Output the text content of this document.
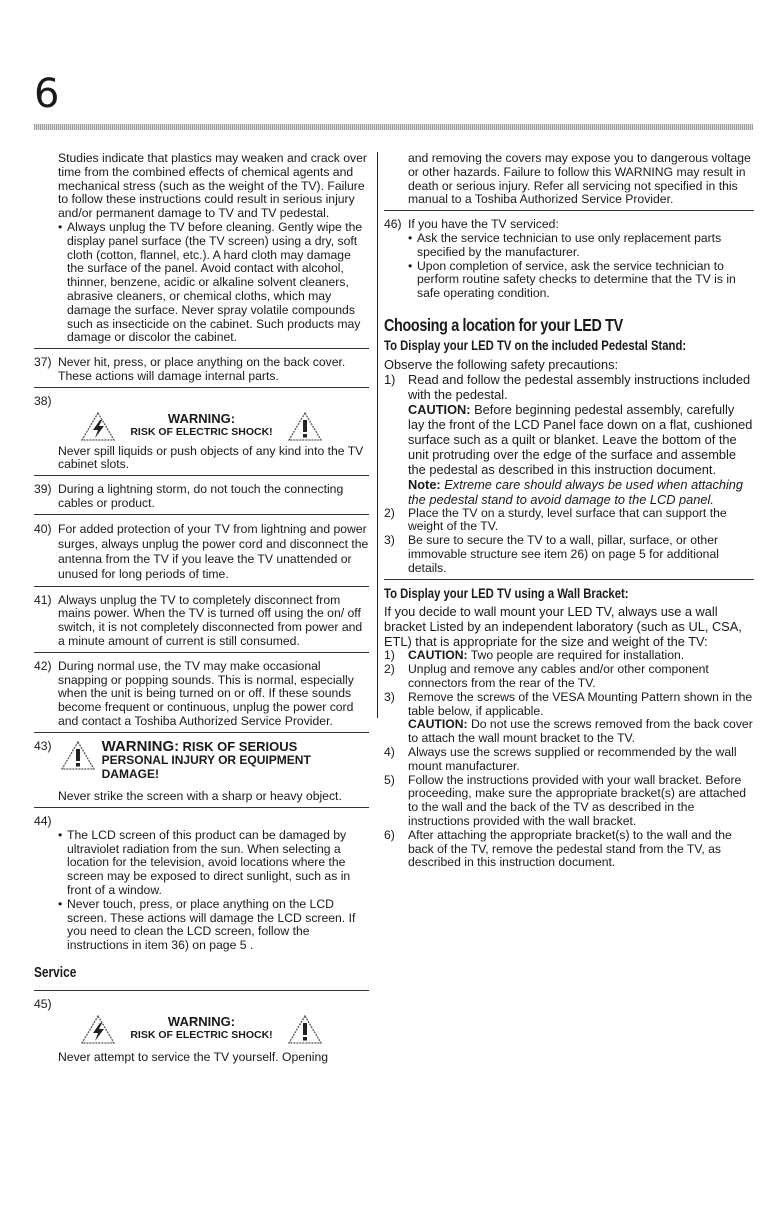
6

Studies indicate that plastics may weaken and crack over time from the combined effects of chemical agents and mechanical stress (such as the weight of the TV). Failure to follow these instructions could result in serious injury and/or permanent damage to TV and TV pedestal.

• Always unplug the TV before cleaning. Gently wipe the display panel surface (the TV screen) using a dry, soft cloth (cotton, flannel, etc.). A hard cloth may damage the surface of the panel. Avoid contact with alcohol, thinner, benzene, acidic or alkaline solvent cleaners, abrasive cleaners, or chemical cloths, which may damage the surface. Never spray volatile compounds such as insecticide on the cabinet. Such products may damage or discolor the cabinet.

37) Never hit, press, or place anything on the back cover. These actions will damage internal parts.
38)
WARNING:
RISK OF ELECTRIC SHOCK!

Never spill liquids or push objects of any kind into the TV cabinet slots.

39) During a lightning storm, do not touch the connecting cables or product.
40) For added protection of your TV from lightning and power surges, always unplug the power cord and disconnect the antenna from the TV if you leave the TV unattended or unused for long periods of time.
41) Always unplug the TV to completely disconnect from mains power. When the TV is turned off using the on/ off switch, it is not completely disconnected from power and a minute amount of current is still consumed.
42) During normal use, the TV may make occasional snapping or popping sounds. This is normal, especially when the unit is being turned on or off. If these sounds become frequent or continuous, unplug the power cord and contact a Toshiba Authorized Service Provider.
43)	WARNING: RISK OF SERIOUS
PERSONAL INJURY OR EQUIPMENT
DAMAGE!

Never strike the screen with a sharp or heavy object.

44)

• The LCD screen of this product can be damaged by ultraviolet radiation from the sun. When selecting a location for the television, avoid locations where the screen may be exposed to direct sunlight, such as in front of a window.

• Never touch, press, or place anything on the LCD screen. These actions will damage the LCD screen. If you need to clean the LCD screen, follow the instructions in item 36) on page 5 .

Service
45)
WARNING:
RISK OF ELECTRIC SHOCK!

Never attempt to service the TV yourself. Opening

and removing the covers may expose you to dangerous voltage or other hazards. Failure to follow this WARNING may result in death or serious injury. Refer all servicing not specified in this manual to a Toshiba Authorized Service Provider.

46) If you have the TV serviced:

• Ask the service technician to use only replacement parts specified by the manufacturer.

• Upon completion of service, ask the service technician to perform routine safety checks to determine that the TV is in safe operating condition.

Choosing a location for your LED TV
To Display your LED TV on the included Pedestal Stand:

Observe the following safety precautions:

1) Read and follow the pedestal assembly instructions included with the pedestal.

CAUTION: Before beginning pedestal assembly, carefully lay the front of the LCD Panel face down on a flat, cushioned surface such as a quilt or blanket. Leave the bottom of the unit protruding over the edge of the surface and assemble the pedestal as described in this instruction document.

Note: Extreme care should always be used when attaching the pedestal stand to avoid damage to the LCD panel.

2) Place the TV on a sturdy, level surface that can support the weight of the TV.
3) Be sure to secure the TV to a wall, pillar, surface, or other immovable structure see item 26) on page 5 for additional details.
To Display your LED TV using a Wall Bracket:

If you decide to wall mount your LED TV, always use a wall bracket Listed by an independent laboratory (such as UL, CSA, ETL) that is appropriate for the size and weight of the TV:

1) CAUTION: Two people are required for installation.
2) Unplug and remove any cables and/or other component connectors from the rear of the TV.
3) Remove the screws of the VESA Mounting Pattern shown in the table below, if applicable.

CAUTION: Do not use the screws removed from the back cover to attach the wall mount bracket to the TV.

4) Always use the screws supplied or recommended by the wall mount manufacturer.
5) Follow the instructions provided with your wall bracket. Before proceeding, make sure the appropriate bracket(s) are attached to the wall and the back of the TV as described in the instructions provided with the wall bracket.
6) After attaching the appropriate bracket(s) to the wall and the back of the TV, remove the pedestal stand from the TV, as described in this instruction document.
